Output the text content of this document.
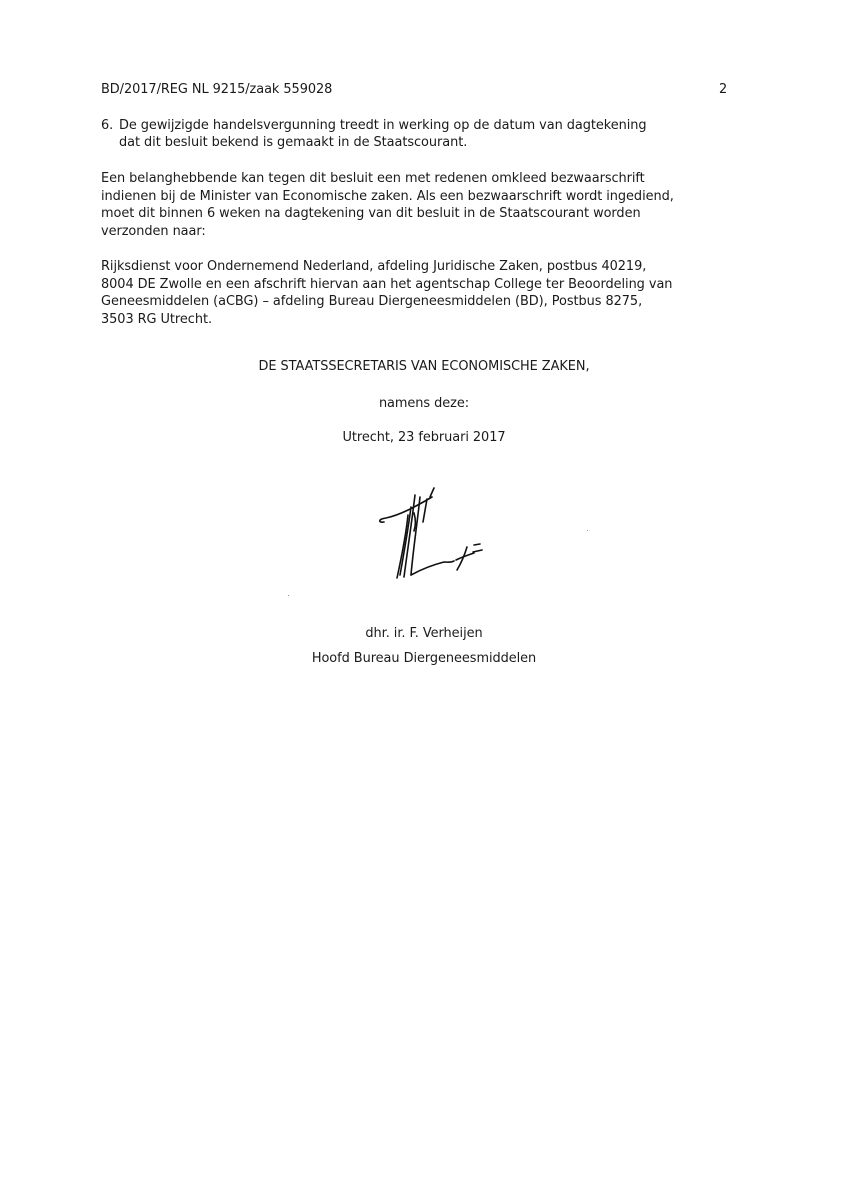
BD/2017/REG NL 9215/zaak 559028	2
6. De gewijzigde handelsvergunning treedt in werking op de datum van dagtekening
dat dit besluit bekend is gemaakt in de Staatscourant.
Een belanghebbende kan tegen dit besluit een met redenen omkleed bezwaarschrift
indienen bij de Minister van Economische zaken. Als een bezwaarschrift wordt ingediend,
moet dit binnen 6 weken na dagtekening van dit besluit in de Staatscourant worden
verzonden naar:
Rijksdienst voor Ondernemend Nederland, afdeling Juridische Zaken, postbus 40219,
8004 DE Zwolle en een afschrift hiervan aan het agentschap College ter Beoordeling van
Geneesmiddelen (aCBG) – afdeling Bureau Diergeneesmiddelen (BD), Postbus 8275,
3503 RG Utrecht.
DE STAATSSECRETARIS VAN ECONOMISCHE ZAKEN,
namens deze:
Utrecht, 23 februari 2017
dhr. ir. F. Verheijen
Hoofd Bureau Diergeneesmiddelen
